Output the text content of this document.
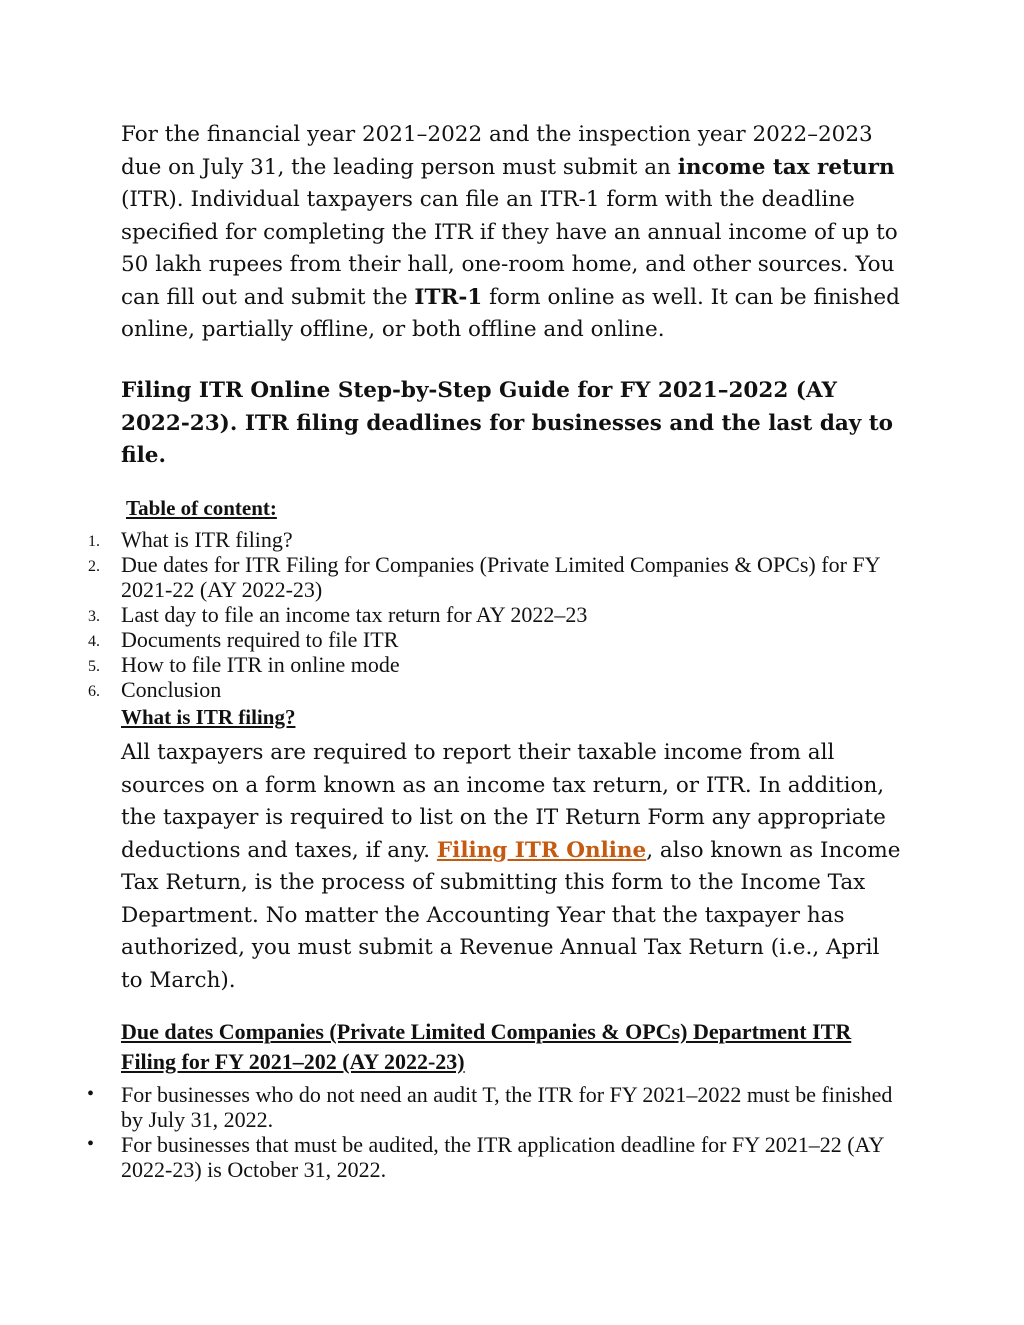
For the financial year 2021–2022 and the inspection year 2022–2023 due on July 31, the leading person must submit an income tax return (ITR). Individual taxpayers can file an ITR-1 form with the deadline specified for completing the ITR if they have an annual income of up to 50 lakh rupees from their hall, one-room home, and other sources. You can fill out and submit the ITR-1 form online as well. It can be finished online, partially offline, or both offline and online.

Filing ITR Online Step-by-Step Guide for FY 2021–2022 (AY 2022-23). ITR filing deadlines for businesses and the last day to file.

Table of content:

1. What is ITR filing?
2. Due dates for ITR Filing for Companies (Private Limited Companies & OPCs) for FY 2021-22 (AY 2022-23)
3. Last day to file an income tax return for AY 2022–23
4. Documents required to file ITR
5. How to file ITR in online mode
6. Conclusion

What is ITR filing?

All taxpayers are required to report their taxable income from all sources on a form known as an income tax return, or ITR. In addition, the taxpayer is required to list on the IT Return Form any appropriate deductions and taxes, if any. Filing ITR Online, also known as Income Tax Return, is the process of submitting this form to the Income Tax Department. No matter the Accounting Year that the taxpayer has authorized, you must submit a Revenue Annual Tax Return (i.e., April to March).

Due dates Companies (Private Limited Companies & OPCs) Department ITR Filing for FY 2021–202 (AY 2022-23)

• For businesses who do not need an audit T, the ITR for FY 2021–2022 must be finished by July 31, 2022.
• For businesses that must be audited, the ITR application deadline for FY 2021–22 (AY 2022-23) is October 31, 2022.
